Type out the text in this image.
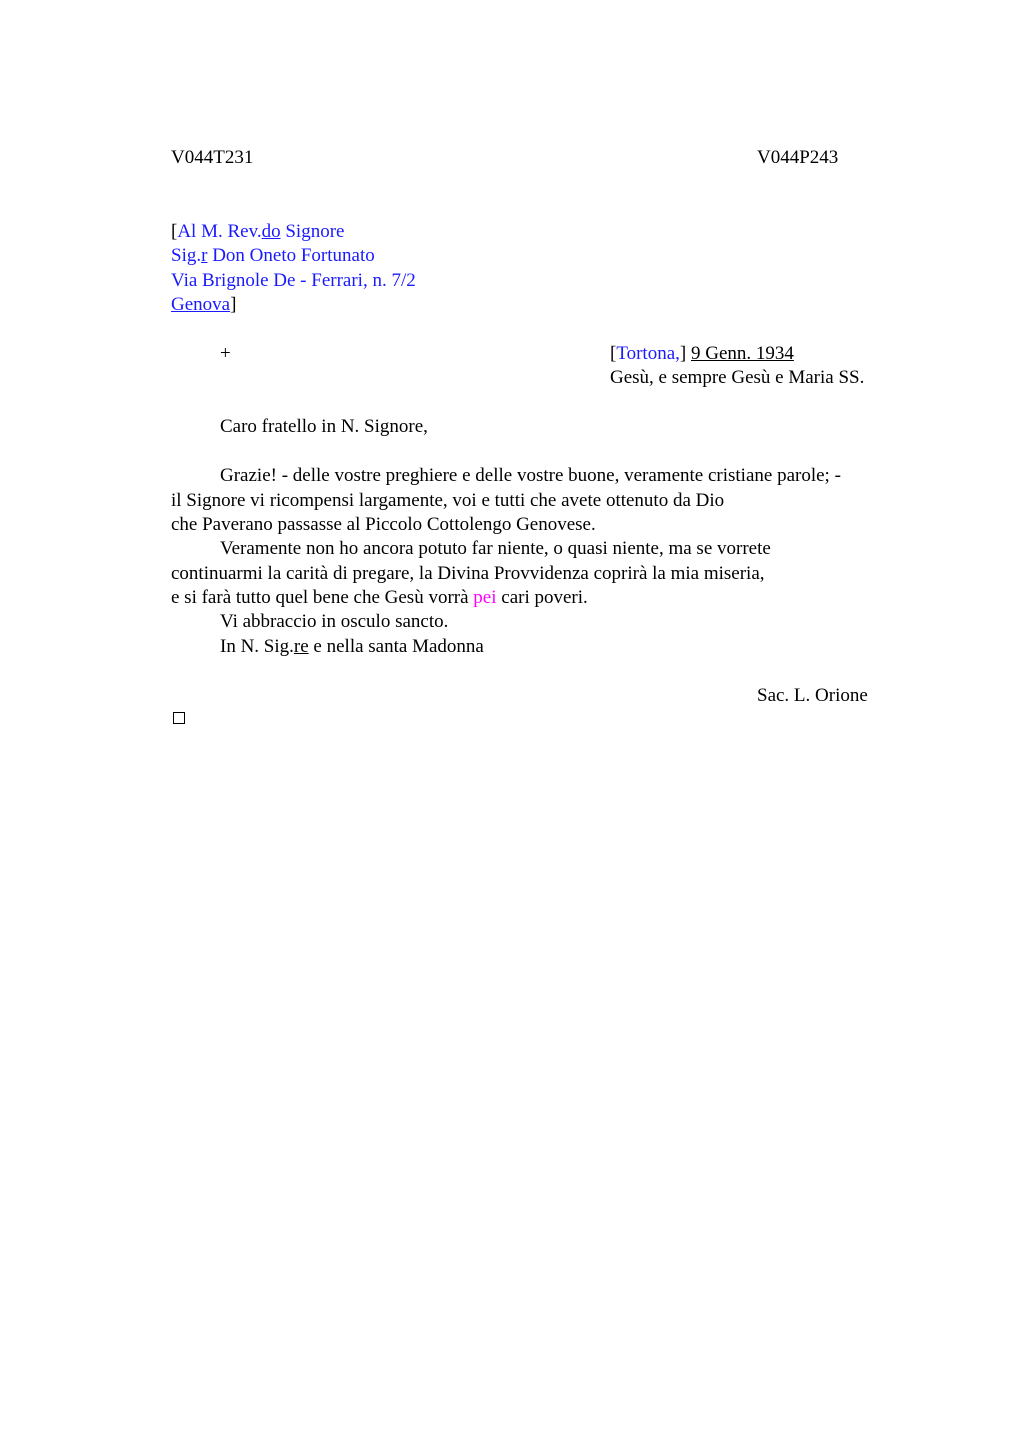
V044T231	V044P243
[Al M. Rev.do Signore
Sig.r Don Oneto Fortunato
Via Brignole De - Ferrari, n. 7/2
Genova]
+	[Tortona,] 9 Genn. 1934
Gesù, e sempre Gesù e Maria SS.
Caro fratello in N. Signore,
Grazie! - delle vostre preghiere e delle vostre buone, veramente cristiane parole; -
il Signore vi ricompensi largamente, voi e tutti che avete ottenuto da Dio
che Paverano passasse al Piccolo Cottolengo Genovese.
Veramente non ho ancora potuto far niente, o quasi niente, ma se vorrete
continuarmi la carità di pregare, la Divina Provvidenza coprirà la mia miseria,
e si farà tutto quel bene che Gesù vorrà pei cari poveri.
Vi abbraccio in osculo sancto.
In N. Sig.re e nella santa Madonna
Sac. L. Orione
